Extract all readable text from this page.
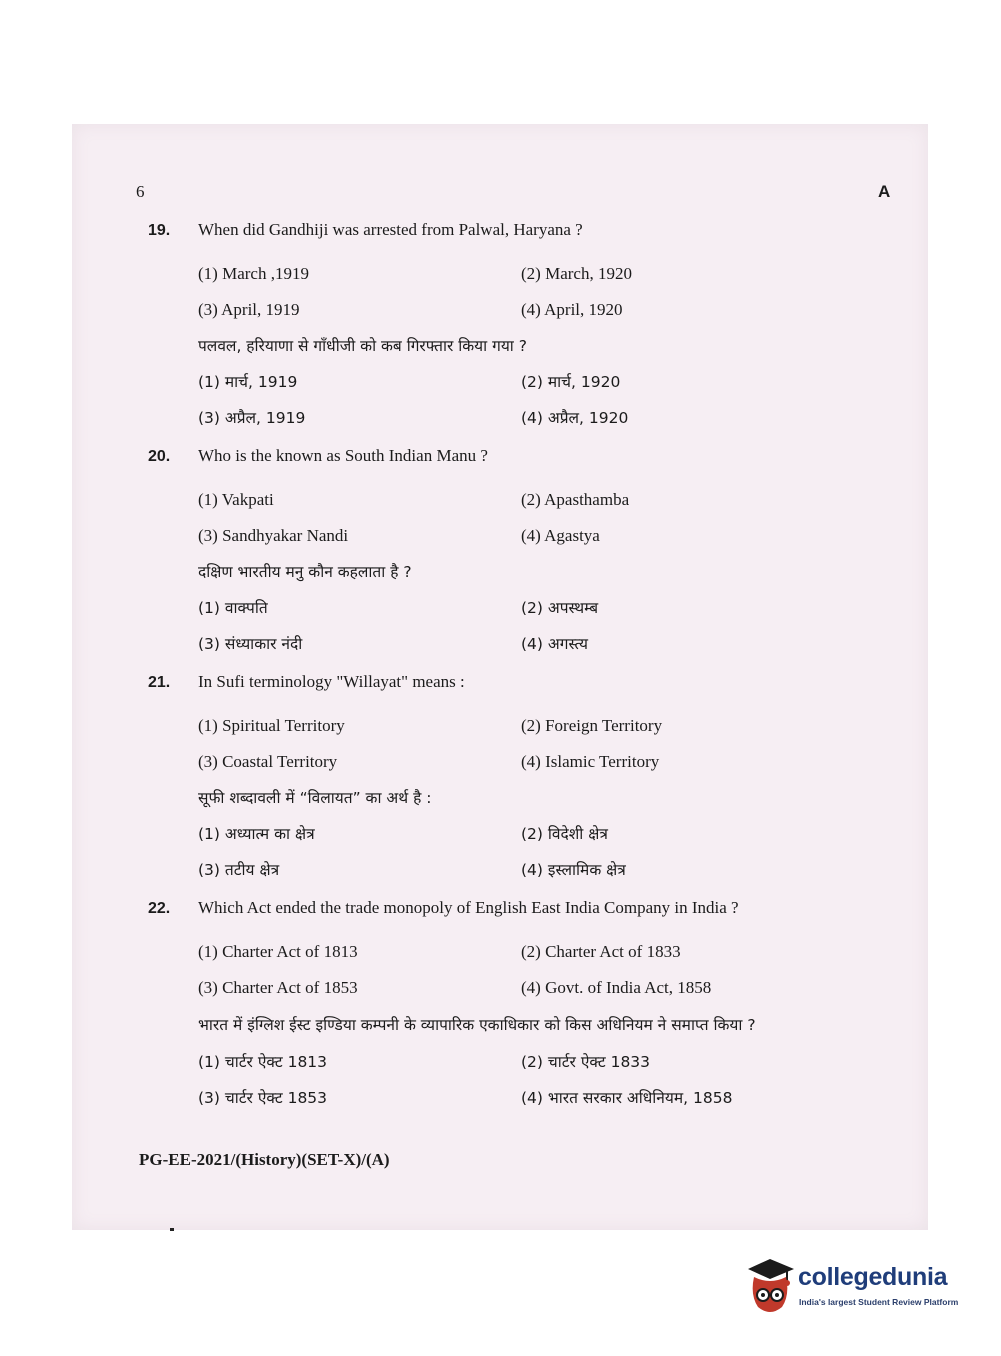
6	A
19.	When did Gandhiji was arrested from Palwal, Haryana ?
(1) March ,1919	(2) March, 1920
(3) April, 1919	(4) April, 1920
पलवल, हरियाणा से गाँधीजी को कब गिरफ्तार किया गया ?
(1) मार्च, 1919	(2) मार्च, 1920
(3) अप्रैल, 1919	(4) अप्रैल, 1920
20.	Who is the known as South Indian Manu ?
(1) Vakpati	(2) Apasthamba
(3) Sandhyakar Nandi	(4) Agastya
दक्षिण भारतीय मनु कौन कहलाता है ?
(1) वाक्पति	(2) अपस्थम्ब
(3) संध्याकार नंदी	(4) अगस्त्य
21.	In Sufi terminology "Willayat" means :
(1) Spiritual Territory	(2) Foreign Territory
(3) Coastal Territory	(4) Islamic Territory
सूफी शब्दावली में “विलायत” का अर्थ है :
(1) अध्यात्म का क्षेत्र	(2) विदेशी क्षेत्र
(3) तटीय क्षेत्र	(4) इस्लामिक क्षेत्र
22.	Which Act ended the trade monopoly of English East India Company in India ?
(1) Charter Act of 1813	(2) Charter Act of 1833
(3) Charter Act of 1853	(4) Govt. of India Act, 1858
भारत में इंग्लिश ईस्ट इण्डिया कम्पनी के व्यापारिक एकाधिकार को किस अधिनियम ने समाप्त किया ?
(1) चार्टर ऐक्ट 1813	(2) चार्टर ऐक्ट 1833
(3) चार्टर ऐक्ट 1853	(4) भारत सरकार अधिनियम, 1858
PG-EE-2021/(History)(SET-X)/(A)
collegedunia
India's largest Student Review Platform
